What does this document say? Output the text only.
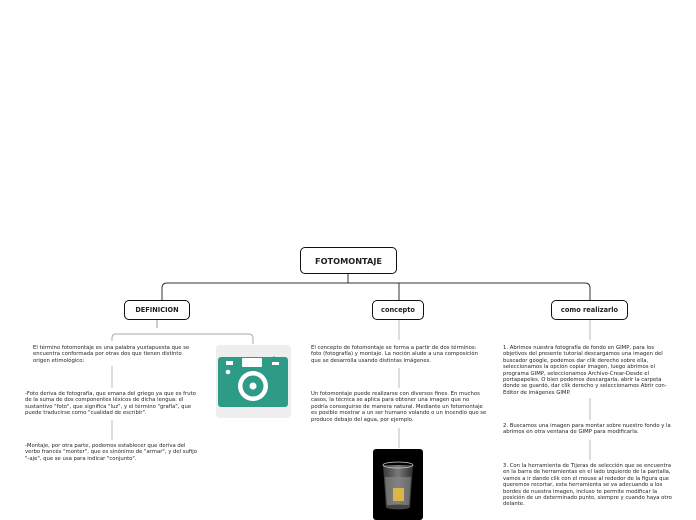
FOTOMONTAJE
DEFINICION	concepto	como realizarlo
El término fotomontaje es una palabra yuxtapuesta que se encuentra conformada por otras dos que tienen distinto origen etimológico:
-Foto deriva de fotografía, que emana del griego ya que es fruto de la suma de dos componentes léxicos de dicha lengua: el sustantivo "foto", que significa "luz", y el término "grafía", que puede traducirse como "cualidad de escribir".
-Montaje, por otra parte, podemos establecer que deriva del verbo francés "monter", que es sinónimo de "armar", y del sufijo "-aje", que se usa para indicar "conjunto".
El concepto de fotomontaje se forma a partir de dos términos: foto (fotografía) y montaje. La noción alude a una composición que se desarrolla usando distintas imágenes.
Un fotomontaje puede realizarse con diversos fines. En muchos casos, la técnica se aplica para obtener una imagen que no podría conseguirse de manera natural. Mediante un fotomontaje es posible mostrar a un ser humano volando o un incendio que se produce debajo del agua, por ejemplo.
1. Abrimos nuestra fotografía de fondo en GIMP, para los objetivos del presente tutorial descargamos una imagen del buscador google, podemos dar clik derecho sobre ella, seleccionamos la opción copiar imagen, luego abrimos el programa GIMP, seleccionamos Archivo-Crear-Desde el portapapeles. O bien podemos descargarla, abrir la carpeta donde se guardó, dar clik derecho y seleccionamos Abrir con-Editor de imágenes GIMP.
2. Buscamos una imagen para montar sobre nuestro fondo y la abrimos en otra ventana de GIMP para modificarla.
3. Con la herramienta de Tijeras de selección que se encuentra en la barra de herramientas en el lado izquierdo de la pantalla, vamos a ir dando clik con el mouse al rededor de la figura que queremos recortar, esta herramienta se va adecuando a los bordes de nuestra imagen, incluso te permite modificar la posición de un determinado punto, siempre y cuando haya otro delante.
